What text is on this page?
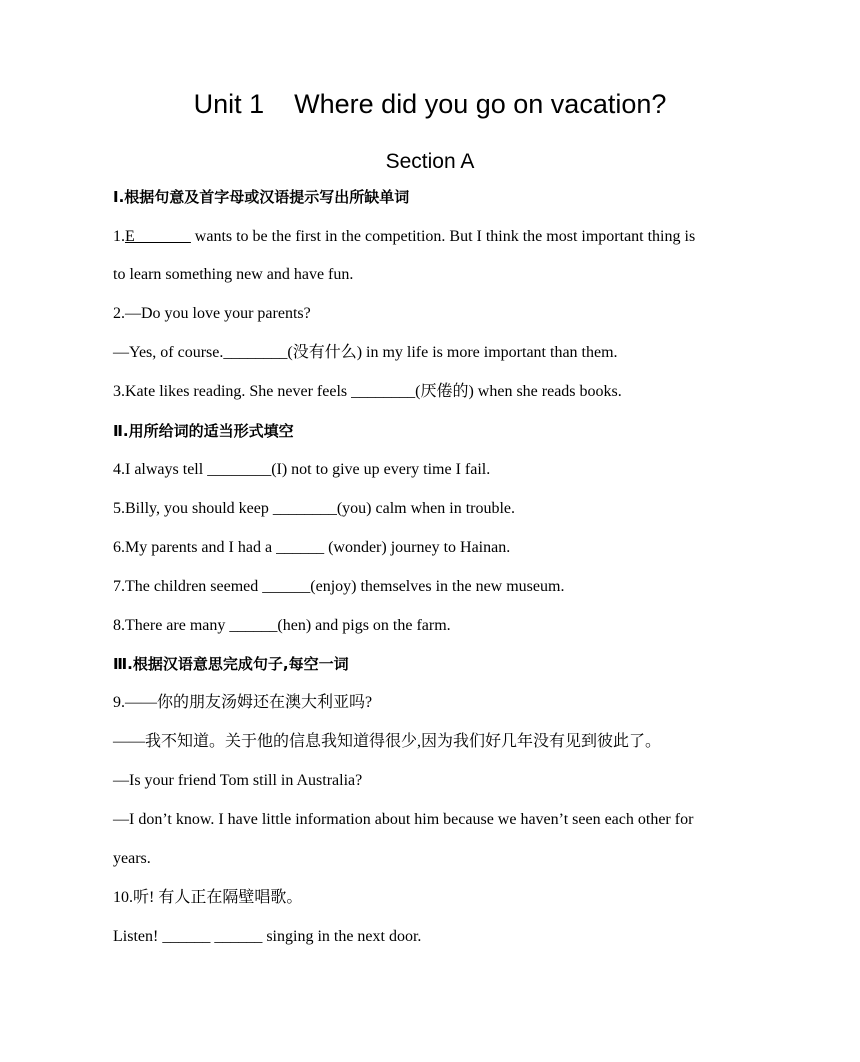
Unit 1    Where did you go on vacation?
Section A
Ⅰ.根据句意及首字母或汉语提示写出所缺单词
1.E_______ wants to be the first in the competition. But I think the most important thing is
to learn something new and have fun.
2.—Do you love your parents?
—Yes, of course.________(没有什么) in my life is more important than them.
3.Kate likes reading. She never feels ________(厌倦的) when she reads books.
Ⅱ.用所给词的适当形式填空
4.I always tell ________(I) not to give up every time I fail.
5.Billy, you should keep ________(you) calm when in trouble.
6.My parents and I had a ______ (wonder) journey to Hainan.
7.The children seemed ______(enjoy) themselves in the new museum.
8.There are many ______(hen) and pigs on the farm.
Ⅲ.根据汉语意思完成句子,每空一词
9.——你的朋友汤姆还在澳大利亚吗?
——我不知道。关于他的信息我知道得很少,因为我们好几年没有见到彼此了。
—Is your friend Tom still in Australia?
—I don’t know. I have little information about him because we haven’t seen each other for
years.
10.听! 有人正在隔壁唱歌。
Listen! ______ ______ singing in the next door.
